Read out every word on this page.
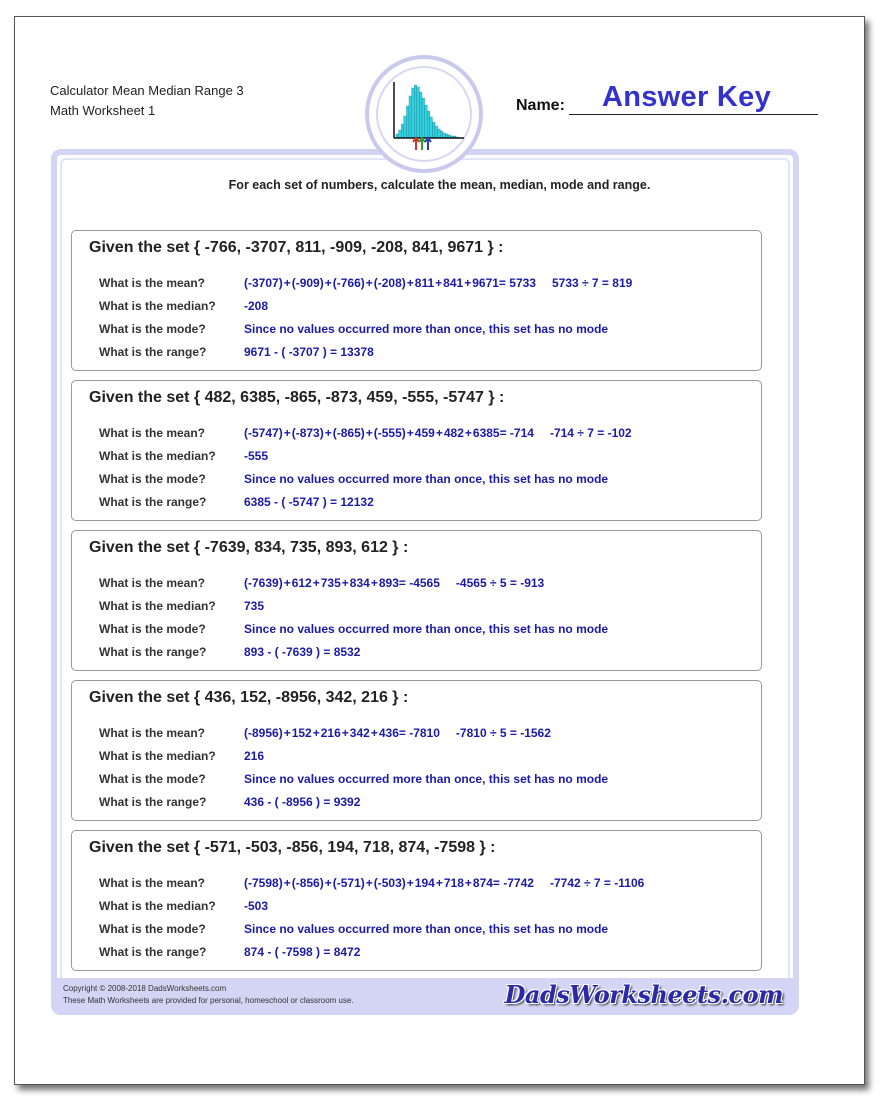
Calculator Mean Median Range 3
Math Worksheet 1	Name: Answer Key
For each set of numbers, calculate the mean, median, mode and range.
Given the set { -766, -3707, 811, -909, -208, 841, 9671 } :
What is the mean?	(-3707)+(-909)+(-766)+(-208)+811+841+9671= 5733 5733 ÷ 7 = 819
What is the median? -208
What is the mode?	Since no values occurred more than once, this set has no mode
What is the range?	9671 - ( -3707 ) = 13378
Given the set { 482, 6385, -865, -873, 459, -555, -5747 } :
What is the mean?	(-5747)+(-873)+(-865)+(-555)+459+482+6385= -714 -714 ÷ 7 = -102
What is the median? -555
What is the mode?	Since no values occurred more than once, this set has no mode
What is the range?	6385 - ( -5747 ) = 12132
Given the set { -7639, 834, 735, 893, 612 } :
What is the mean?	(-7639)+612+735+834+893= -4565 -4565 ÷ 5 = -913
What is the median? 735
What is the mode?	Since no values occurred more than once, this set has no mode
What is the range?	893 - ( -7639 ) = 8532
Given the set { 436, 152, -8956, 342, 216 } :
What is the mean?	(-8956)+152+216+342+436= -7810 -7810 ÷ 5 = -1562
What is the median? 216
What is the mode?	Since no values occurred more than once, this set has no mode
What is the range?	436 - ( -8956 ) = 9392
Given the set { -571, -503, -856, 194, 718, 874, -7598 } :
What is the mean?	(-7598)+(-856)+(-571)+(-503)+194+718+874= -7742 -7742 ÷ 7 = -1106
What is the median? -503
What is the mode?	Since no values occurred more than once, this set has no mode
What is the range?	874 - ( -7598 ) = 8472
Copyright © 2008-2018 DadsWorksheets.com
These Math Worksheets are provided for personal, homeschool or classroom use.	DadsWorksheets.com
